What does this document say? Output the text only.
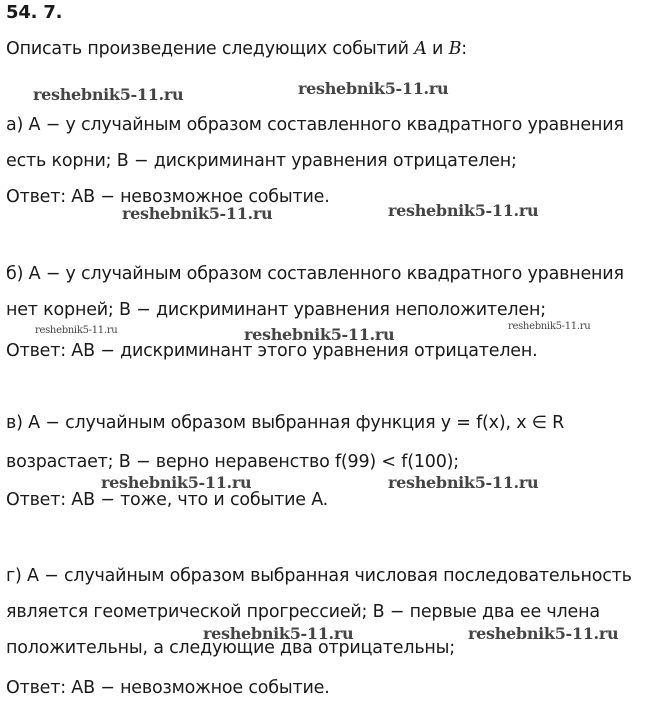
54. 7.
Описать произведение следующих событий A и B:
а) A − у случайным образом составленного квадратного уравнения
есть корни; B − дискриминант уравнения отрицателен;
Ответ: AB − невозможное событие.
б) A − у случайным образом составленного квадратного уравнения
нет корней; B − дискриминант уравнения неположителен;
Ответ: AB − дискриминант этого уравнения отрицателен.
в) A − случайным образом выбранная функция y = f(x), x ∈ R
возрастает; B − верно неравенство f(99) < f(100);
Ответ: AB − тоже, что и событие A.
г) A − случайным образом выбранная числовая последовательность
является геометрической прогрессией; B − первые два ее члена
положительны, а следующие два отрицательны;
Ответ: AB − невозможное событие.
reshebnik5-11.ru	reshebnik5-11.ru
reshebnik5-11.ru	reshebnik5-11.ru
reshebnik5-11.ru	reshebnik5-11.ru	reshebnik5-11.ru
reshebnik5-11.ru	reshebnik5-11.ru
reshebnik5-11.ru	reshebnik5-11.ru
